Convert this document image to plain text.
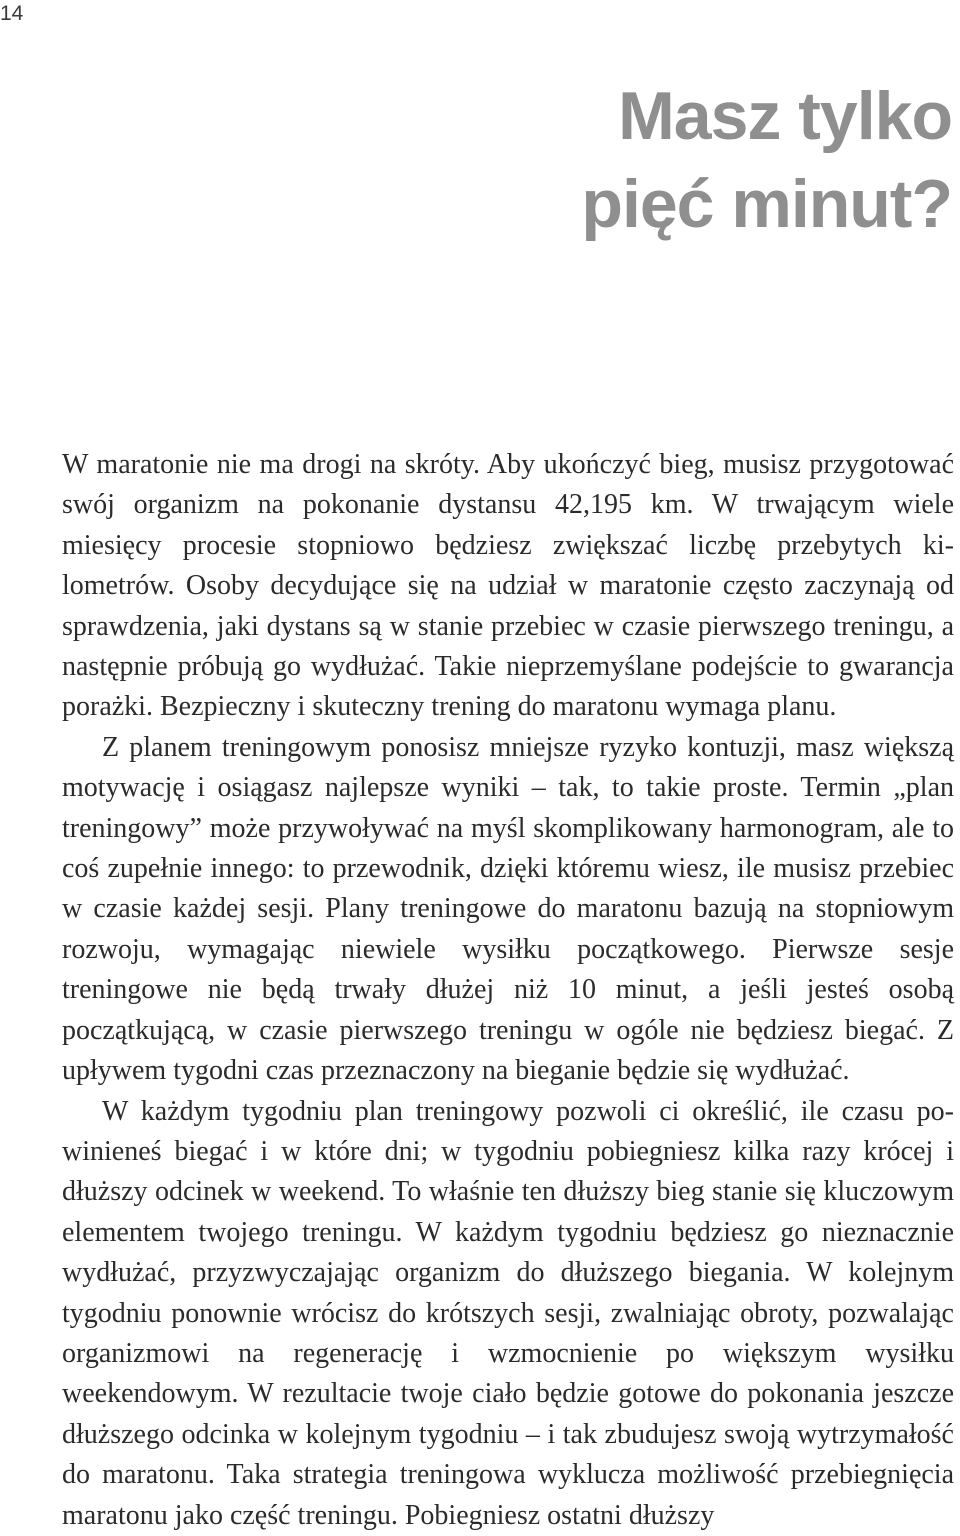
14
Masz tylko
pięć minut?

W maratonie nie ma drogi na skróty. Aby ukończyć bieg, musisz przygotować swój organizm na pokonanie dystansu 42,195 km. W trwającym wiele miesięcy procesie stopniowo będziesz zwiększać liczbę przebytych kilometrów. Osoby decydujące się na udział w maratonie często zaczynają od sprawdzenia, jaki dystans są w stanie przebiec w czasie pierwszego treningu, a następnie próbują go wydłużać. Takie nieprzemyślane podejście to gwarancja porażki. Bezpieczny i skuteczny trening do maratonu wymaga planu.

Z planem treningowym ponosisz mniejsze ryzyko kontuzji, masz większą motywację i osiągasz najlepsze wyniki – tak, to takie proste. Termin „plan treningowy” może przywoływać na myśl skomplikowany harmonogram, ale to coś zupełnie innego: to przewodnik, dzięki któremu wiesz, ile musisz przebiec w czasie każdej sesji. Plany treningowe do maratonu bazują na stopniowym rozwoju, wymagając niewiele wysiłku początkowego. Pierwsze sesje treningowe nie będą trwały dłużej niż 10 minut, a jeśli jesteś osobą początkującą, w czasie pierwszego treningu w ogóle nie będziesz biegać. Z upływem tygodni czas przeznaczony na bieganie będzie się wydłużać.

W każdym tygodniu plan treningowy pozwoli ci określić, ile czasu powinieneś biegać i w które dni; w tygodniu pobiegniesz kilka razy krócej i dłuższy odcinek w weekend. To właśnie ten dłuższy bieg stanie się kluczowym elementem twojego treningu. W każdym tygodniu będziesz go nieznacznie wydłużać, przyzwyczajając organizm do dłuższego biegania. W kolejnym tygodniu ponownie wrócisz do krótszych sesji, zwalniając obroty, pozwalając organizmowi na regenerację i wzmocnienie po większym wysiłku weekendowym. W rezultacie twoje ciało będzie gotowe do pokonania jeszcze dłuższego odcinka w kolejnym tygodniu – i tak zbudujesz swoją wytrzymałość do maratonu. Taka strategia treningowa wyklucza możliwość przebiegnięcia maratonu jako część treningu. Pobiegniesz ostatni dłuższy
